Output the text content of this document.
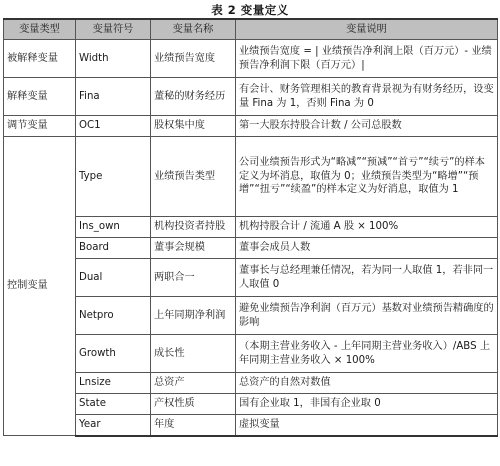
表 2 变量定义
变量类型	变量符号	变量名称	变量说明
被解释变量	Width	业绩预告宽度	业绩预告宽度 = | 业绩预告净利润上限（百万元）- 业绩预告净利润下限（百万元）|
解释变量	Fina	董秘的财务经历	有会计、财务管理相关的教育背景视为有财务经历，设变量 Fina 为 1，否则 Fina 为 0
调节变量	OC1	股权集中度	第一大股东持股合计数 / 公司总股数
控制变量	Type	业绩预告类型	公司业绩预告形式为“略减”“预减”“首亏”“续亏”的样本定义为坏消息，取值为 0；业绩预告类型为“略增”“预增”“扭亏”“续盈”的样本定义为好消息，取值为 1
	Ins_own	机构投资者持股	机构持股合计 / 流通 A 股 × 100%
	Board	董事会规模	董事会成员人数
	Dual	两职合一	董事长与总经理兼任情况，若为同一人取值 1，若非同一人取值 0
	Netpro	上年同期净利润	避免业绩预告净利润（百万元）基数对业绩预告精确度的影响
	Growth	成长性	（本期主营业务收入 - 上年同期主营业务收入）/ABS 上年同期主营业务收入 × 100%
	Lnsize	总资产	总资产的自然对数值
	State	产权性质	国有企业取 1，非国有企业取 0
	Year	年度	虚拟变量
